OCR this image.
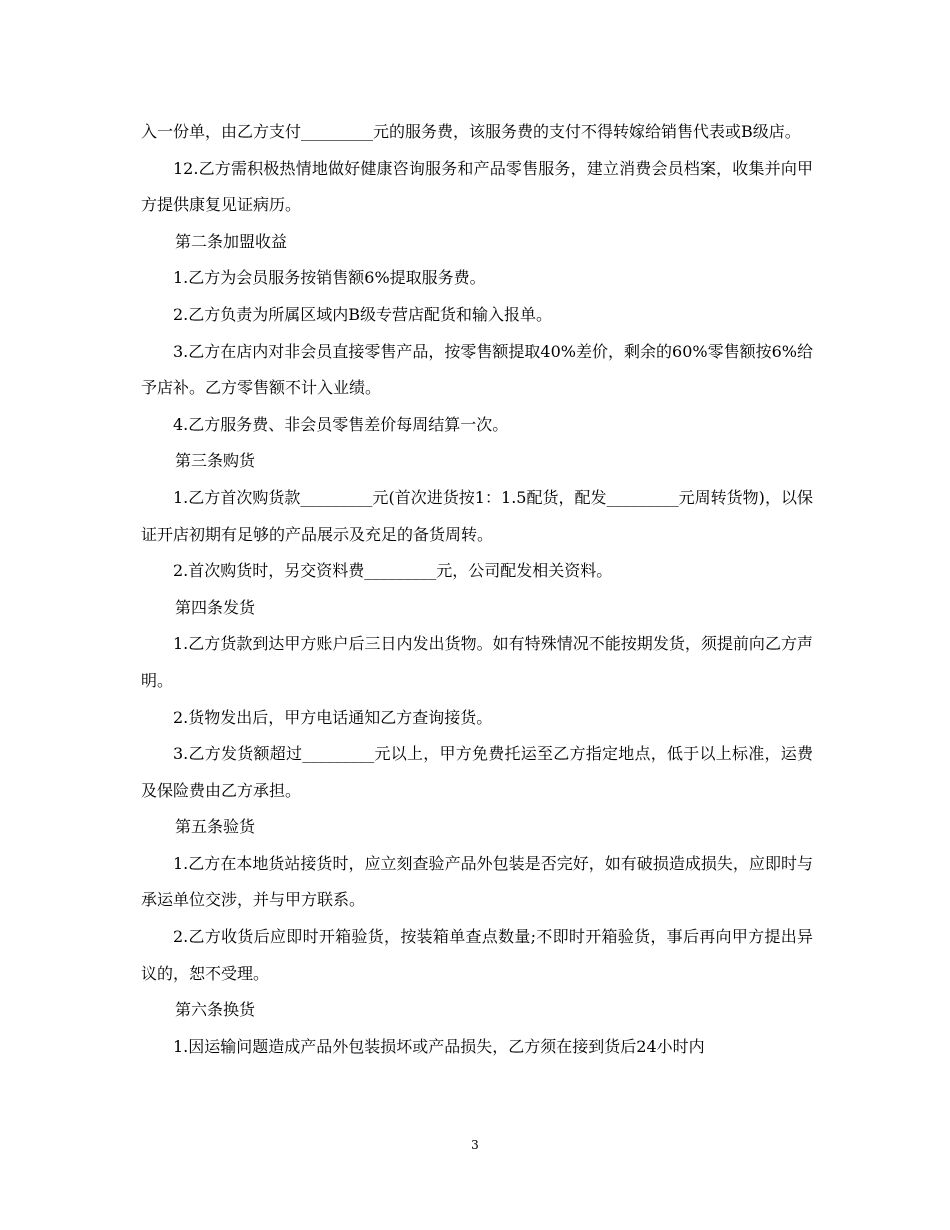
入一份单，由乙方支付_________元的服务费，该服务费的支付不得转嫁给销售代表或B级店。

12.乙方需积极热情地做好健康咨询服务和产品零售服务，建立消费会员档案，收集并向甲方提供康复见证病历。

第二条加盟收益

1.乙方为会员服务按销售额6%提取服务费。

2.乙方负责为所属区域内B级专营店配货和输入报单。

3.乙方在店内对非会员直接零售产品，按零售额提取40%差价，剩余的60%零售额按6%给予店补。乙方零售额不计入业绩。

4.乙方服务费、非会员零售差价每周结算一次。

第三条购货

1.乙方首次购货款_________元(首次进货按1：1.5配货，配发_________元周转货物)，以保证开店初期有足够的产品展示及充足的备货周转。

2.首次购货时，另交资料费_________元，公司配发相关资料。

第四条发货

1.乙方货款到达甲方账户后三日内发出货物。如有特殊情况不能按期发货，须提前向乙方声明。

2.货物发出后，甲方电话通知乙方查询接货。

3.乙方发货额超过_________元以上，甲方免费托运至乙方指定地点，低于以上标准，运费及保险费由乙方承担。

第五条验货

1.乙方在本地货站接货时，应立刻查验产品外包装是否完好，如有破损造成损失，应即时与承运单位交涉，并与甲方联系。

2.乙方收货后应即时开箱验货，按装箱单查点数量;不即时开箱验货，事后再向甲方提出异议的，恕不受理。

第六条换货

1.因运输问题造成产品外包装损坏或产品损失，乙方须在接到货后24小时内

3
